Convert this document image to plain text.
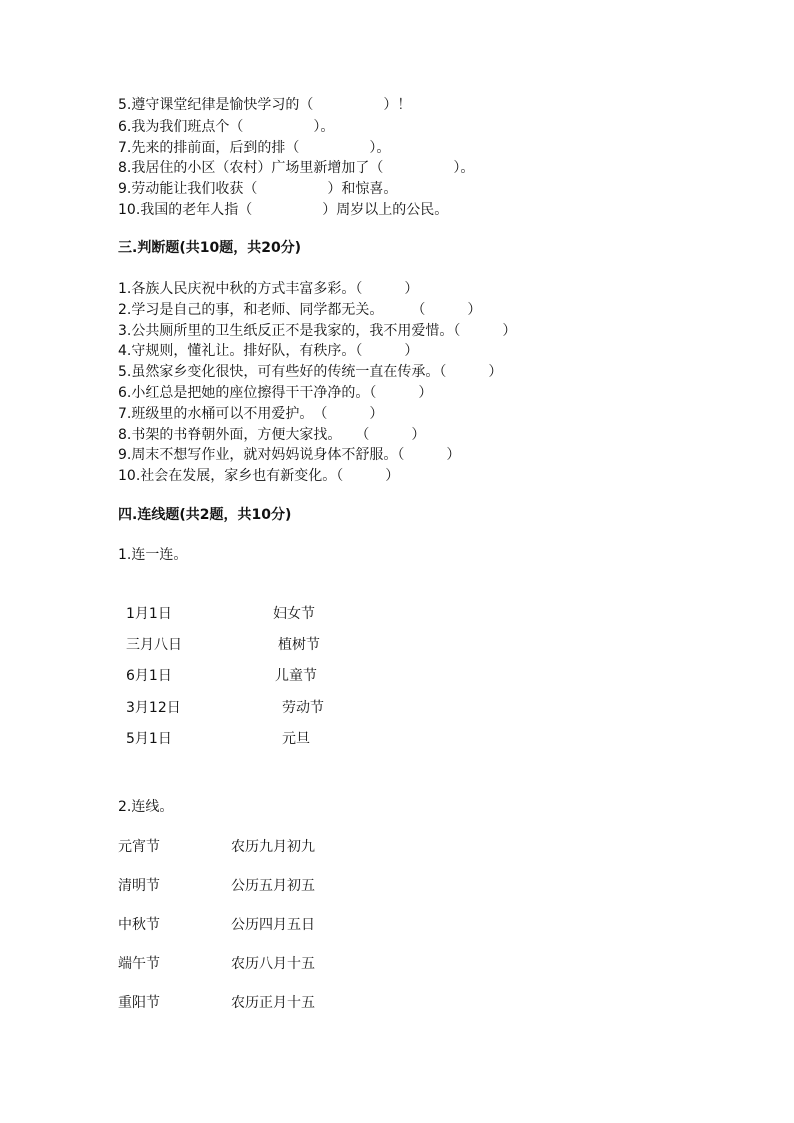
5.遵守课堂纪律是愉快学习的（　　　　　）！
6.我为我们班点个（　　　　　）。
7.先来的排前面，后到的排（　　　　　）。
8.我居住的小区（农村）广场里新增加了（　　　　　）。
9.劳动能让我们收获（　　　　　）和惊喜。
10.我国的老年人指（　　　　　）周岁以上的公民。
三.判断题(共10题，共20分)
1.各族人民庆祝中秋的方式丰富多彩。（　　　）
2.学习是自己的事，和老师、同学都无关。　　　（　　　）
3.公共厕所里的卫生纸反正不是我家的，我不用爱惜。（　　　）
4.守规则，懂礼让。排好队，有秩序。（　　　）
5.虽然家乡变化很快，可有些好的传统一直在传承。（　　　）
6.小红总是把她的座位擦得干干净净的。（　　　）
7.班级里的水桶可以不用爱护。　（　　　）
8.书架的书脊朝外面，方便大家找。　　（　　　）
9.周末不想写作业，就对妈妈说身体不舒服。（　　　）
10.社会在发展，家乡也有新变化。（　　　）
四.连线题(共2题，共10分)
1.连一连。
1月1日
三月八日
6月1日
3月12日
5月1日
妇女节
植树节
儿童节
劳动节
元旦
2.连线。
元宵节
清明节
中秋节
端午节
重阳节
农历九月初九
公历五月初五
公历四月五日
农历八月十五
农历正月十五
